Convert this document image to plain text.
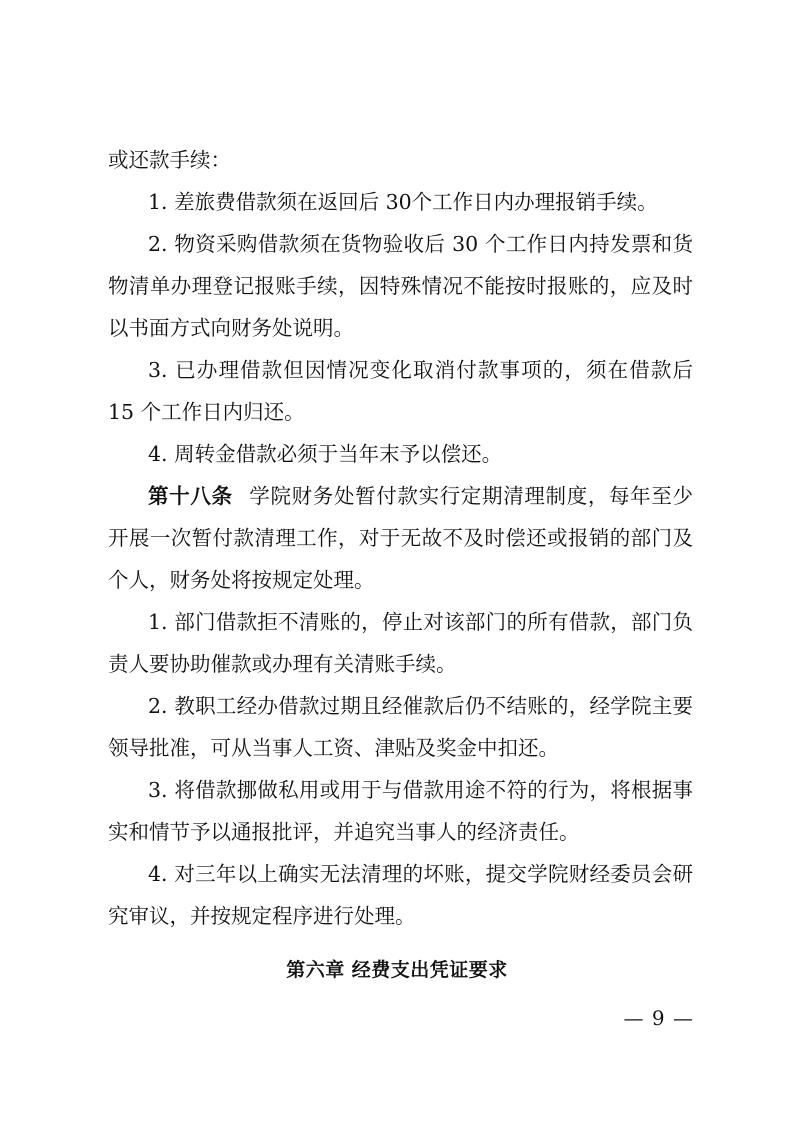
或还款手续：
1. 差旅费借款须在返回后 30个工作日内办理报销手续。
2. 物资采购借款须在货物验收后 30 个工作日内持发票和货
物清单办理登记报账手续，因特殊情况不能按时报账的，应及时
以书面方式向财务处说明。
3. 已办理借款但因情况变化取消付款事项的，须在借款后
15 个工作日内归还。
4. 周转金借款必须于当年末予以偿还。
第十八条 学院财务处暂付款实行定期清理制度，每年至少
开展一次暂付款清理工作，对于无故不及时偿还或报销的部门及
个人，财务处将按规定处理。
1. 部门借款拒不清账的，停止对该部门的所有借款，部门负
责人要协助催款或办理有关清账手续。
2. 教职工经办借款过期且经催款后仍不结账的，经学院主要
领导批准，可从当事人工资、津贴及奖金中扣还。
3. 将借款挪做私用或用于与借款用途不符的行为，将根据事
实和情节予以通报批评，并追究当事人的经济责任。
4. 对三年以上确实无法清理的坏账，提交学院财经委员会研
究审议，并按规定程序进行处理。
第六章 经费支出凭证要求
— 9 —
